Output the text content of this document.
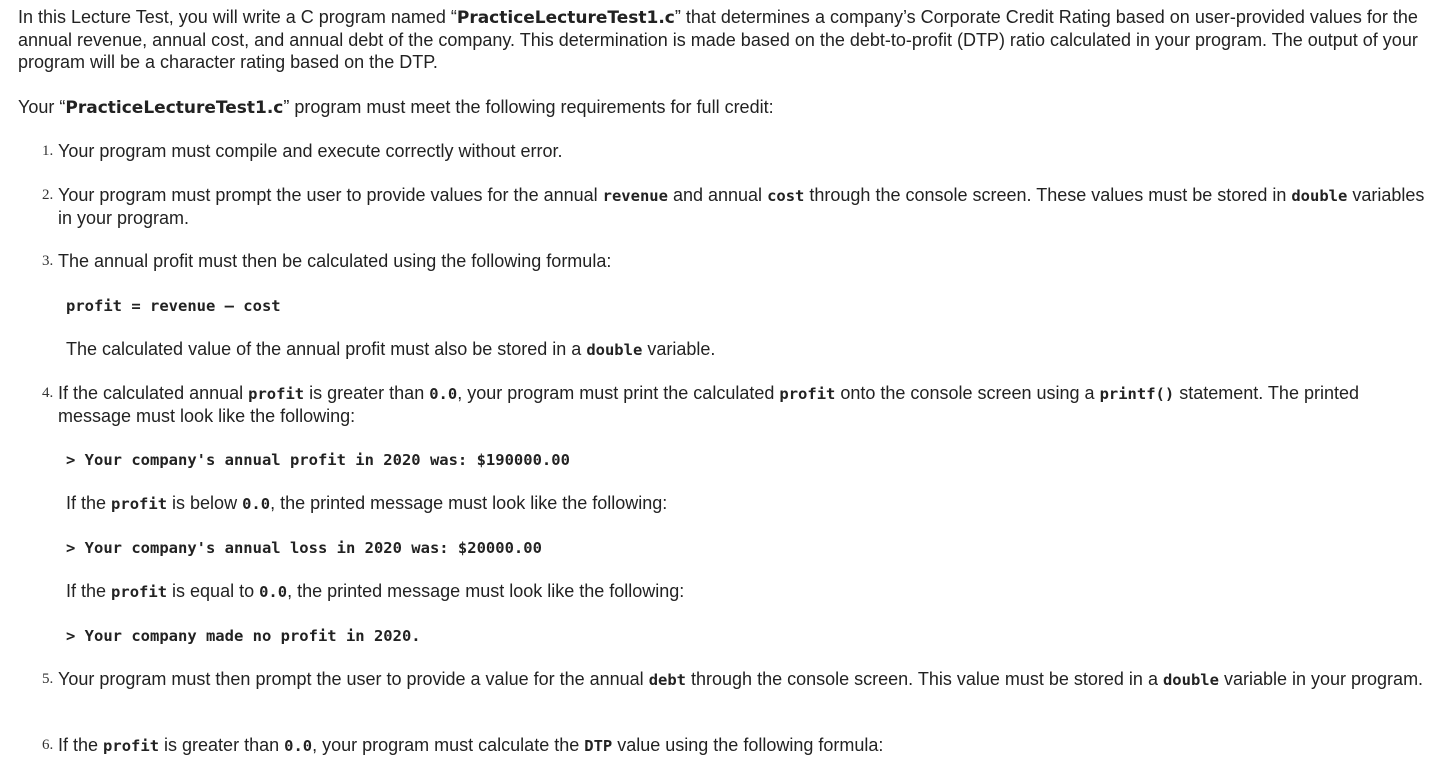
In this Lecture Test, you will write a C program named “PracticeLectureTest1.c” that determines a company’s Corporate Credit Rating based on user-provided values for the annual revenue, annual cost, and annual debt of the company. This determination is made based on the debt-to-profit (DTP) ratio calculated in your program. The output of your program will be a character rating based on the DTP.

Your “PracticeLectureTest1.c” program must meet the following requirements for full credit:

1. Your program must compile and execute correctly without error.

2. Your program must prompt the user to provide values for the annual revenue and annual cost through the console screen. These values must be stored in double variables in your program.

3. The annual profit must then be calculated using the following formula:

profit = revenue – cost

The calculated value of the annual profit must also be stored in a double variable.

4. If the calculated annual profit is greater than 0.0, your program must print the calculated profit onto the console screen using a printf() statement. The printed message must look like the following:

> Your company's annual profit in 2020 was: $190000.00

If the profit is below 0.0, the printed message must look like the following:

> Your company's annual loss in 2020 was: $20000.00

If the profit is equal to 0.0, the printed message must look like the following:

> Your company made no profit in 2020.

5. Your program must then prompt the user to provide a value for the annual debt through the console screen. This value must be stored in a double variable in your program.

6. If the profit is greater than 0.0, your program must calculate the DTP value using the following formula:
